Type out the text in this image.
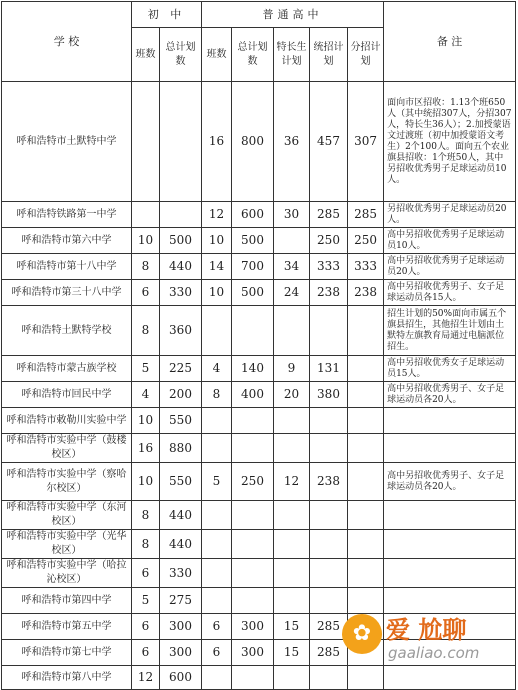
学 校	初 中		普通高中					备 注
	班数	总计划数	班数	总计划数	特长生计划	统招计划	分招计划	
呼和浩特市土默特中学			16	800	36	457	307	面向市区招收：1.13个班650人（其中统招307人，分招307人，特长生36人）；2.加授蒙语文过渡班（初中加授蒙语文考生）2个100人。面向五个农业旗县招收：1个班50人，其中另招收优秀男子足球运动员10人。
呼和浩特铁路第一中学			12	600	30	285	285	另招收优秀男子足球运动员20人。
呼和浩特市第六中学	10	500	10	500		250	250	高中另招收优秀男子足球运动员10人。
呼和浩特市第十八中学	8	440	14	700	34	333	333	高中另招收优秀男子足球运动员20人。
呼和浩特市第三十八中学	6	330	10	500	24	238	238	高中另招收优秀男子、女子足球运动员各15人。
呼和浩特土默特学校	8	360						招生计划的50%面向市属五个旗县招生，其他招生计划由土默特左旗教育局通过电脑派位招生。
呼和浩特市蒙古族学校	5	225	4	140	9	131		高中另招收优秀女子足球运动员15人。
呼和浩特市回民中学	4	200	8	400	20	380		高中另招收优秀男子、女子足球运动员各20人。
呼和浩特市敕勒川实验中学	10	550						
呼和浩特市实验中学（鼓楼校区）	16	880						
呼和浩特市实验中学（察哈尔校区）	10	550	5	250	12	238		高中另招收优秀男子、女子足球运动员各20人。
呼和浩特市实验中学（东河校区）	8	440						
呼和浩特市实验中学（光华校区）	8	440						
呼和浩特市实验中学（哈拉沁校区）	6	330						
呼和浩特市第四中学	5	275						
呼和浩特市第五中学	6	300	6	300	15	285		
呼和浩特市第七中学	6	300	6	300	15	285		
呼和浩特市第八中学	12	600						
✿ 爱 尬聊
gaaliao.com
